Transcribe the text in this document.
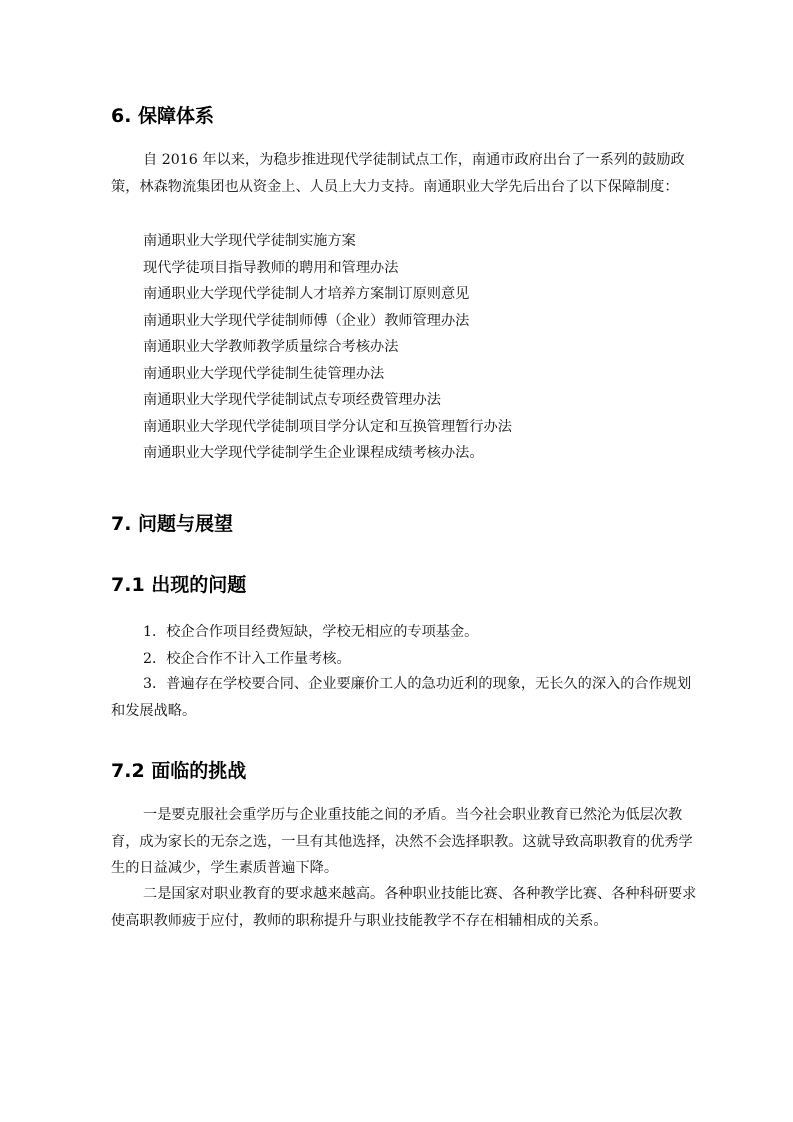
6. 保障体系

自 2016 年以来，为稳步推进现代学徒制试点工作，南通市政府出台了一系列的鼓励政策，林森物流集团也从资金上、人员上大力支持。南通职业大学先后出台了以下保障制度：

南通职业大学现代学徒制实施方案
现代学徒项目指导教师的聘用和管理办法
南通职业大学现代学徒制人才培养方案制订原则意见
南通职业大学现代学徒制师傅（企业）教师管理办法
南通职业大学教师教学质量综合考核办法
南通职业大学现代学徒制生徒管理办法
南通职业大学现代学徒制试点专项经费管理办法
南通职业大学现代学徒制项目学分认定和互换管理暂行办法
南通职业大学现代学徒制学生企业课程成绩考核办法。
7. 问题与展望
7.1 出现的问题
1．校企合作项目经费短缺，学校无相应的专项基金。
2．校企合作不计入工作量考核。

3．普遍存在学校要合同、企业要廉价工人的急功近利的现象，无长久的深入的合作规划和发展战略。

7.2 面临的挑战

一是要克服社会重学历与企业重技能之间的矛盾。当今社会职业教育已然沦为低层次教育，成为家长的无奈之选，一旦有其他选择，决然不会选择职教。这就导致高职教育的优秀学生的日益减少，学生素质普遍下降。

二是国家对职业教育的要求越来越高。各种职业技能比赛、各种教学比赛、各种科研要求使高职教师疲于应付，教师的职称提升与职业技能教学不存在相辅相成的关系。
